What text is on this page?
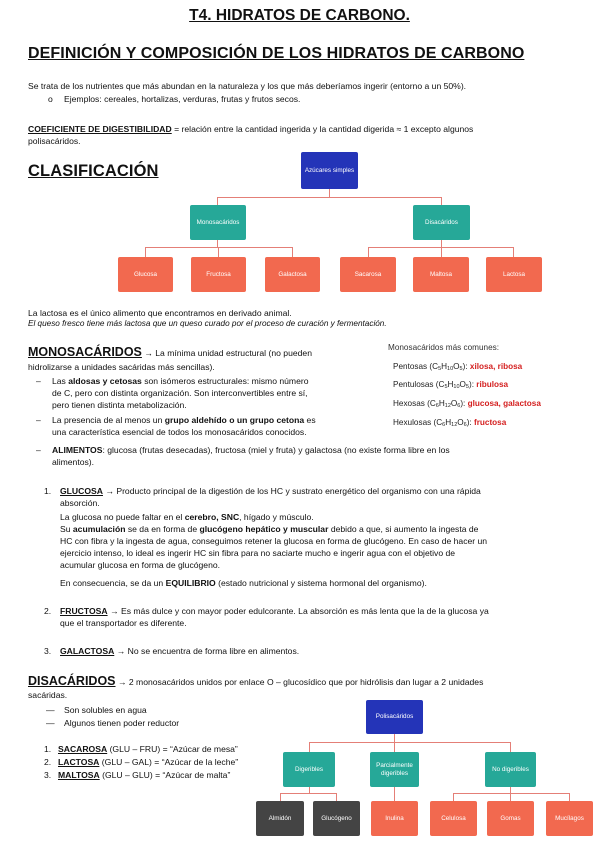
T4. HIDRATOS DE CARBONO.
DEFINICIÓN Y COMPOSICIÓN DE LOS HIDRATOS DE CARBONO
Se trata de los nutrientes que más abundan en la naturaleza y los que más deberíamos ingerir (entorno a un 50%).
o Ejemplos: cereales, hortalizas, verduras, frutas y frutos secos.
COEFICIENTE DE DIGESTIBILIDAD = relación entre la cantidad ingerida y la cantidad digerida ≈ 1 excepto algunos
polisacáridos.
CLASIFICACIÓN	Azúcares simples
Monosacáridos	Disacáridos
Glucosa	Fructosa	Galactosa	Sacarosa	Maltosa	Lactosa
La lactosa es el único alimento que encontramos en derivado animal.
El queso fresco tiene más lactosa que un queso curado por el proceso de curación y fermentación.
MONOSACÁRIDOS → La mínima unidad estructural (no pueden
hidrolizarse a unidades sacáridas más sencillas).
– Las aldosas y cetosas son isómeros estructurales: mismo número
de C, pero con distinta organización. Son interconvertibles entre sí,
pero tienen distinta metabolización.
– La presencia de al menos un grupo aldehído o un grupo cetona es
una característica esencial de todos los monosacáridos conocidos.
– ALIMENTOS: glucosa (frutas desecadas), fructosa (miel y fruta) y galactosa (no existe forma libre en los
alimentos).
Monosacáridos más comunes:
Pentosas $(C_5H_{10}O_5)$: xilosa, ribosa
Pentulosas $(C_5H_{10}O_5)$: ribulosa
Hexosas $(C_6H_{12}O_6)$: glucosa, galactosa
Hexulosas $(C_6H_{12}O_6)$: fructosa
1. GLUCOSA → Producto principal de la digestión de los HC y sustrato energético del organismo con una rápida
absorción.
La glucosa no puede faltar en el cerebro, SNC, hígado y músculo.
Su acumulación se da en forma de glucógeno hepático y muscular debido a que, si aumento la ingesta de
HC con fibra y la ingesta de agua, conseguimos retener la glucosa en forma de glucógeno. En caso de hacer un
ejercicio intenso, lo ideal es ingerir HC sin fibra para no saciarte mucho e ingerir agua con el objetivo de
acumular glucosa en forma de glucógeno.
En consecuencia, se da un EQUILIBRIO (estado nutricional y sistema hormonal del organismo).
2. FRUCTOSA → Es más dulce y con mayor poder edulcorante. La absorción es más lenta que la de la glucosa ya
que el transportador es diferente.
3. GALACTOSA → No se encuentra de forma libre en alimentos.
DISACÁRIDOS → 2 monosacáridos unidos por enlace O – glucosídico que por hidrólisis dan lugar a 2 unidades
sacáridas.
— Son solubles en agua
— Algunos tienen poder reductor
1. SACAROSA (GLU – FRU) = “Azúcar de mesa”
2. LACTOSA (GLU – GAL) = “Azúcar de la leche”
3. MALTOSA (GLU – GLU) = “Azúcar de malta”
Polisacáridos
Digeribles
Parcialmente digeribles
No digeribles
Almidón	Glucógeno	Inulina	Celulosa	Gomas	Mucílagos
